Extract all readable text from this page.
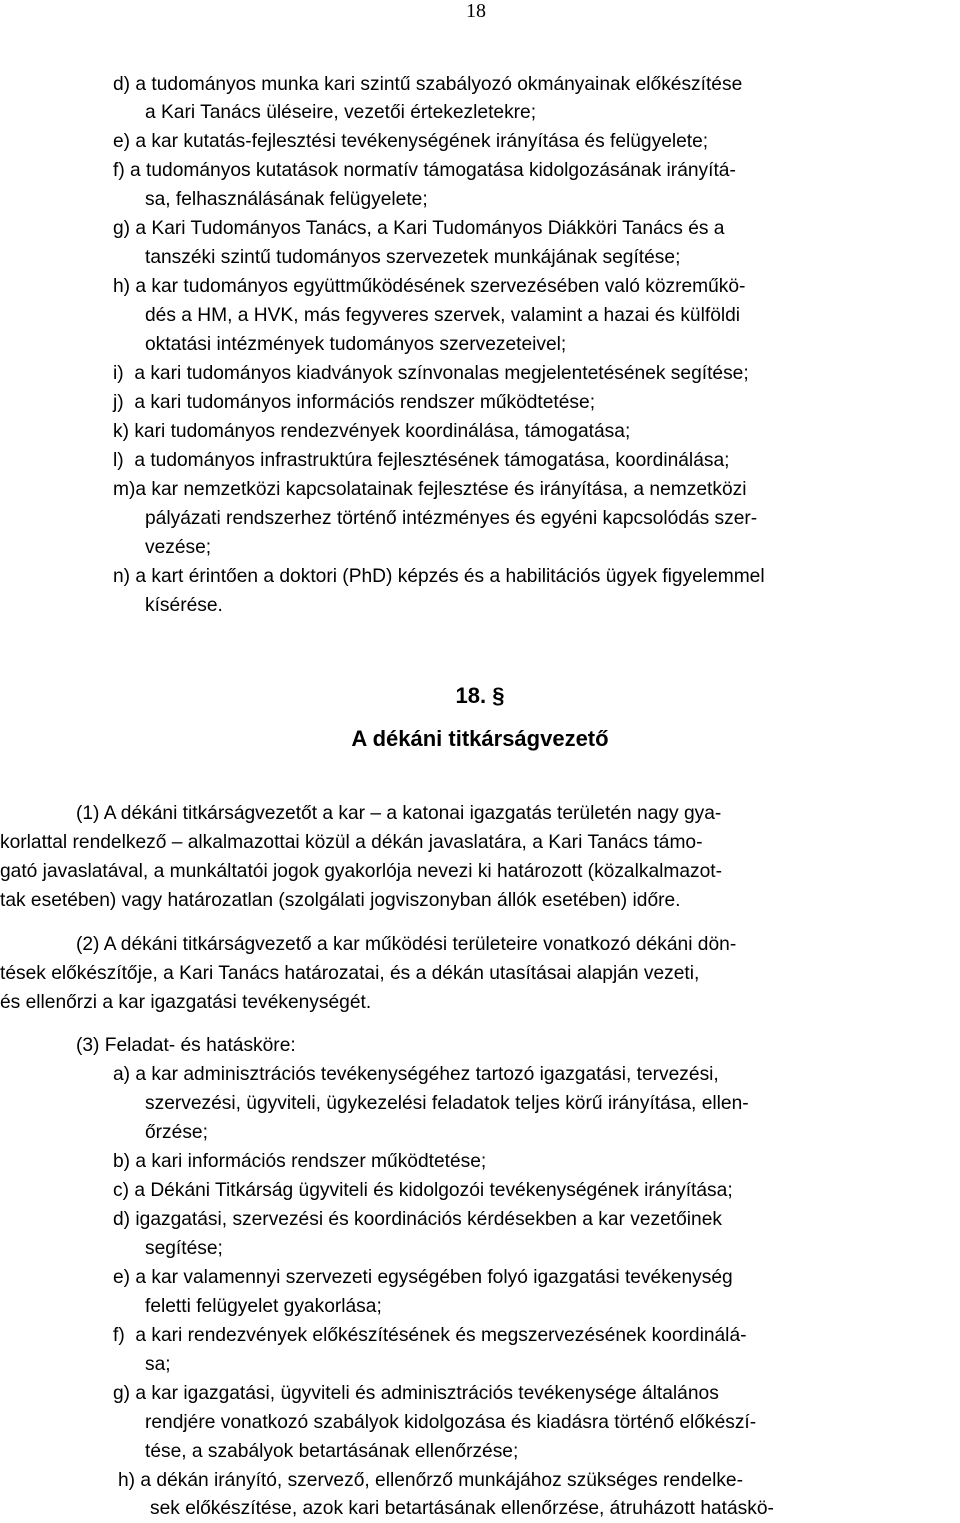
18
d) a tudományos munka kari szintű szabályozó okmányainak előkészítése
a Kari Tanács üléseire, vezetői értekezletekre;
e) a kar kutatás-fejlesztési tevékenységének irányítása és felügyelete;
f) a tudományos kutatások normatív támogatása kidolgozásának irányítá-
sa, felhasználásának felügyelete;
g) a Kari Tudományos Tanács, a Kari Tudományos Diákköri Tanács és a
tanszéki szintű tudományos szervezetek munkájának segítése;
h) a kar tudományos együttműködésének szervezésében való közreműkö-
dés a HM, a HVK, más fegyveres szervek, valamint a hazai és külföldi
oktatási intézmények tudományos szervezeteivel;
i)  a kari tudományos kiadványok színvonalas megjelentetésének segítése;
j)  a kari tudományos információs rendszer működtetése;
k) kari tudományos rendezvények koordinálása, támogatása;
l)  a tudományos infrastruktúra fejlesztésének támogatása, koordinálása;
m)a kar nemzetközi kapcsolatainak fejlesztése és irányítása, a nemzetközi
pályázati rendszerhez történő intézményes és egyéni kapcsolódás szer-
vezése;
n) a kart érintően a doktori (PhD) képzés és a habilitációs ügyek figyelemmel
kísérése.
18. §
A dékáni titkárságvezető
(1) A dékáni titkárságvezetőt a kar – a katonai igazgatás területén nagy gya-
korlattal rendelkező – alkalmazottai közül a dékán javaslatára, a Kari Tanács támo-
gató javaslatával, a munkáltatói jogok gyakorlója nevezi ki határozott (közalkalmazot-
tak esetében) vagy határozatlan (szolgálati jogviszonyban állók esetében) időre.
(2) A dékáni titkárságvezető a kar működési területeire vonatkozó dékáni dön-
tések előkészítője, a Kari Tanács határozatai, és a dékán utasításai alapján vezeti,
és ellenőrzi a kar igazgatási tevékenységét.
(3) Feladat- és hatásköre:
a) a kar adminisztrációs tevékenységéhez tartozó igazgatási, tervezési,
szervezési, ügyviteli, ügykezelési feladatok teljes körű irányítása, ellen-
őrzése;
b) a kari információs rendszer működtetése;
c) a Dékáni Titkárság ügyviteli és kidolgozói tevékenységének irányítása;
d) igazgatási, szervezési és koordinációs kérdésekben a kar vezetőinek
segítése;
e) a kar valamennyi szervezeti egységében folyó igazgatási tevékenység
feletti felügyelet gyakorlása;
f)  a kari rendezvények előkészítésének és megszervezésének koordinálá-
sa;
g) a kar igazgatási, ügyviteli és adminisztrációs tevékenysége általános
rendjére vonatkozó szabályok kidolgozása és kiadásra történő előkészí-
tése, a szabályok betartásának ellenőrzése;
h) a dékán irányító, szervező, ellenőrző munkájához szükséges rendelke-
sek előkészítése, azok kari betartásának ellenőrzése, átruházott hatáskö-
